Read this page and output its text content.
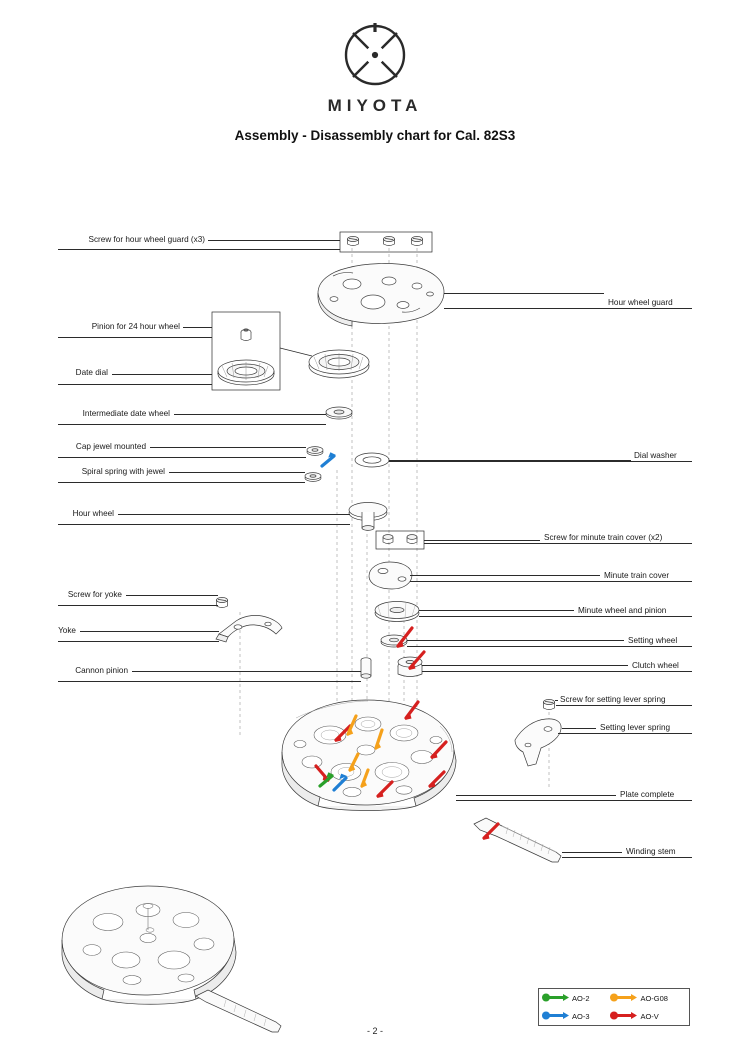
MIYOTA
Assembly - Disassembly chart for Cal. 82S3
Screw for hour wheel guard (x3)
Pinion for 24 hour wheel
Date dial
Intermediate date wheel
Cap jewel mounted
Spiral spring with jewel
Hour wheel
Screw for yoke
Yoke
Cannon pinion
Hour wheel guard
Dial washer
Screw for minute train cover (x2)
Minute train cover
Minute wheel and pinion
Setting wheel
Clutch wheel
Screw for setting lever spring
Setting lever spring
Plate complete
Winding stem
AO-2	AO-G08
AO-3	AO-V
- 2 -
